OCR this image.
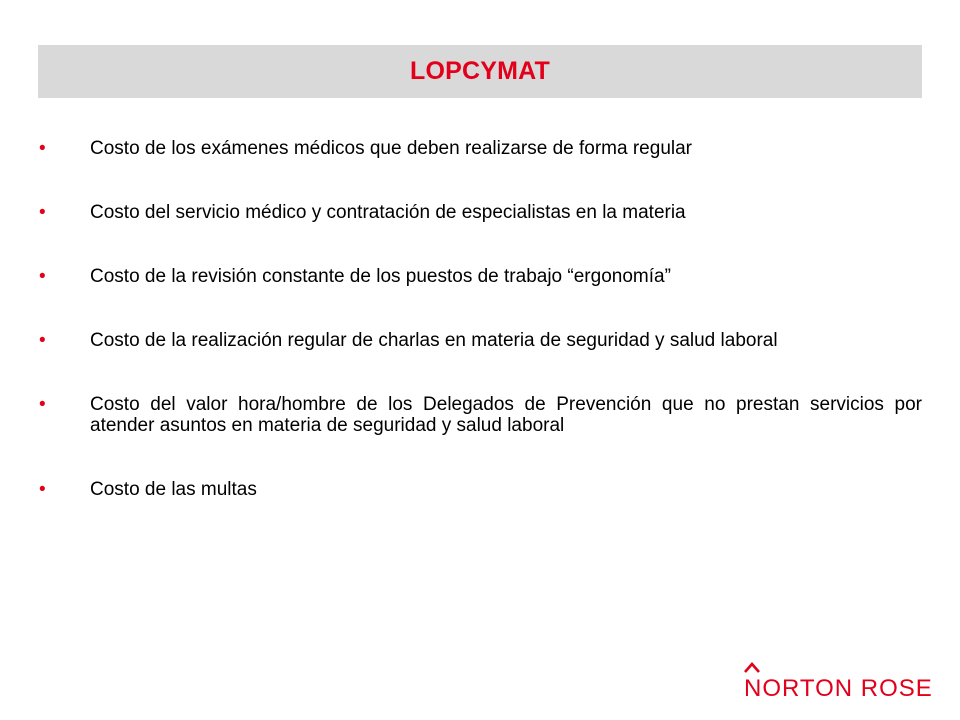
LOPCYMAT
• Costo de los exámenes médicos que deben realizarse de forma regular
• Costo del servicio médico y contratación de especialistas en la materia
• Costo de la revisión constante de los puestos de trabajo “ergonomía”
• Costo de la realización regular de charlas en materia de seguridad y salud laboral
• Costo del valor hora/hombre de los Delegados de Prevención que no prestan servicios por atender asuntos en materia de seguridad y salud laboral
• Costo de las multas
NORTON ROSE
